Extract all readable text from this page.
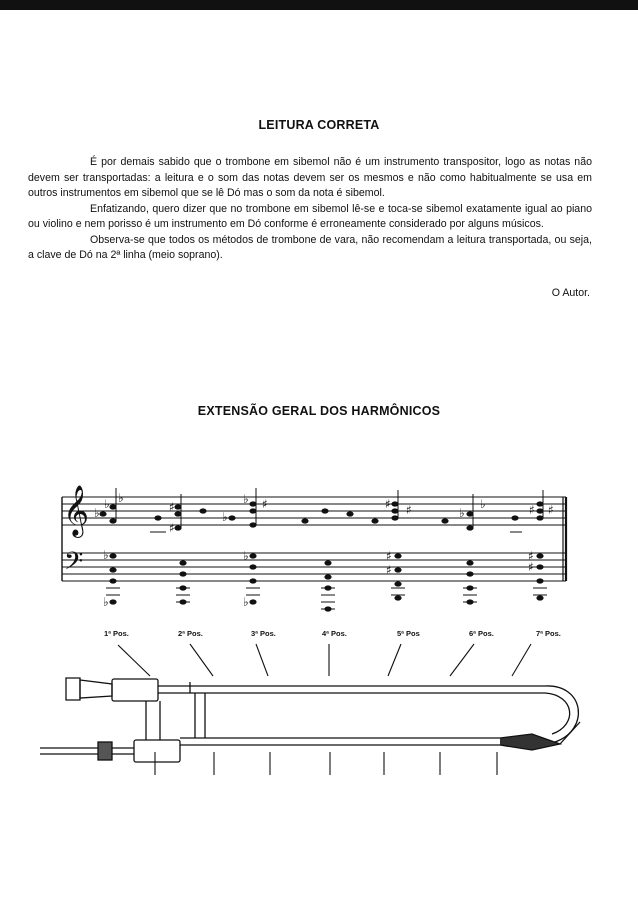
LEITURA CORRETA

É por demais sabido que o trombone em sibemol não é um instrumento transpositor, logo as notas não devem ser transportadas: a leitura e o som das notas devem ser os mesmos e não como habitualmente se usa em outros instrumentos em sibemol que se lê Dó mas o som da nota é sibemol.

Enfatizando, quero dizer que no trombone em sibemol lê-se e toca-se sibemol exatamente igual ao piano ou violino e nem porisso é um instrumento em Dó conforme é erroneamente considerado por alguns músicos.

Observa-se que todos os métodos de trombone de vara, não recomendam a leitura transportada, ou seja, a clave de Dó na 2ª linha (meio soprano).

O Autor.
EXTENSÃO GERAL DOS HARMÔNICOS
𝄞
𝄢
♭
♭ ♭
♯
♯
♭
♭ ♯	♯ ♯	♭
♭	♯ ♯
♭
♭
♭
♭
♯
♯
♯
♯
1ª Pos.	2ª Pos.	3ª Pos.	4ª Pos.	5ª Pos	6ª Pos.	7ª Pos.
